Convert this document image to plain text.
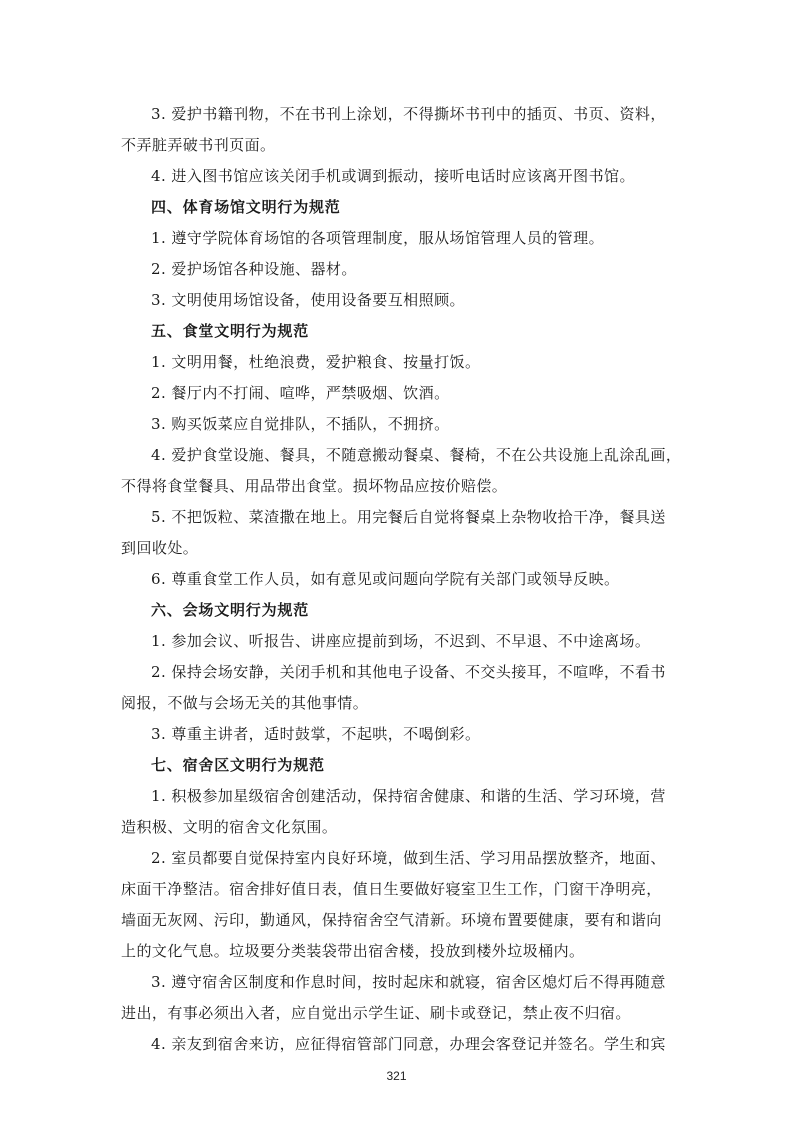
3. 爱护书籍刊物，不在书刊上涂划，不得撕坏书刊中的插页、书页、资料，

不弄脏弄破书刊页面。

4. 进入图书馆应该关闭手机或调到振动，接听电话时应该离开图书馆。

四、体育场馆文明行为规范

1. 遵守学院体育场馆的各项管理制度，服从场馆管理人员的管理。

2. 爱护场馆各种设施、器材。

3. 文明使用场馆设备，使用设备要互相照顾。

五、食堂文明行为规范

1. 文明用餐，杜绝浪费，爱护粮食、按量打饭。

2. 餐厅内不打闹、喧哗，严禁吸烟、饮酒。

3. 购买饭菜应自觉排队，不插队，不拥挤。

4. 爱护食堂设施、餐具，不随意搬动餐桌、餐椅，不在公共设施上乱涂乱画，

不得将食堂餐具、用品带出食堂。损坏物品应按价赔偿。

5. 不把饭粒、菜渣撒在地上。用完餐后自觉将餐桌上杂物收拾干净，餐具送

到回收处。

6. 尊重食堂工作人员，如有意见或问题向学院有关部门或领导反映。

六、会场文明行为规范

1. 参加会议、听报告、讲座应提前到场，不迟到、不早退、不中途离场。

2. 保持会场安静，关闭手机和其他电子设备、不交头接耳，不喧哗，不看书

阅报，不做与会场无关的其他事情。

3. 尊重主讲者，适时鼓掌，不起哄，不喝倒彩。

七、宿舍区文明行为规范

1. 积极参加星级宿舍创建活动，保持宿舍健康、和谐的生活、学习环境，营

造积极、文明的宿舍文化氛围。

2. 室员都要自觉保持室内良好环境，做到生活、学习用品摆放整齐，地面、

床面干净整洁。宿舍排好值日表，值日生要做好寝室卫生工作，门窗干净明亮，

墙面无灰网、污印，勤通风，保持宿舍空气清新。环境布置要健康，要有和谐向

上的文化气息。垃圾要分类装袋带出宿舍楼，投放到楼外垃圾桶内。

3. 遵守宿舍区制度和作息时间，按时起床和就寝，宿舍区熄灯后不得再随意

进出，有事必须出入者，应自觉出示学生证、刷卡或登记，禁止夜不归宿。

4. 亲友到宿舍来访，应征得宿管部门同意，办理会客登记并签名。学生和宾

321
